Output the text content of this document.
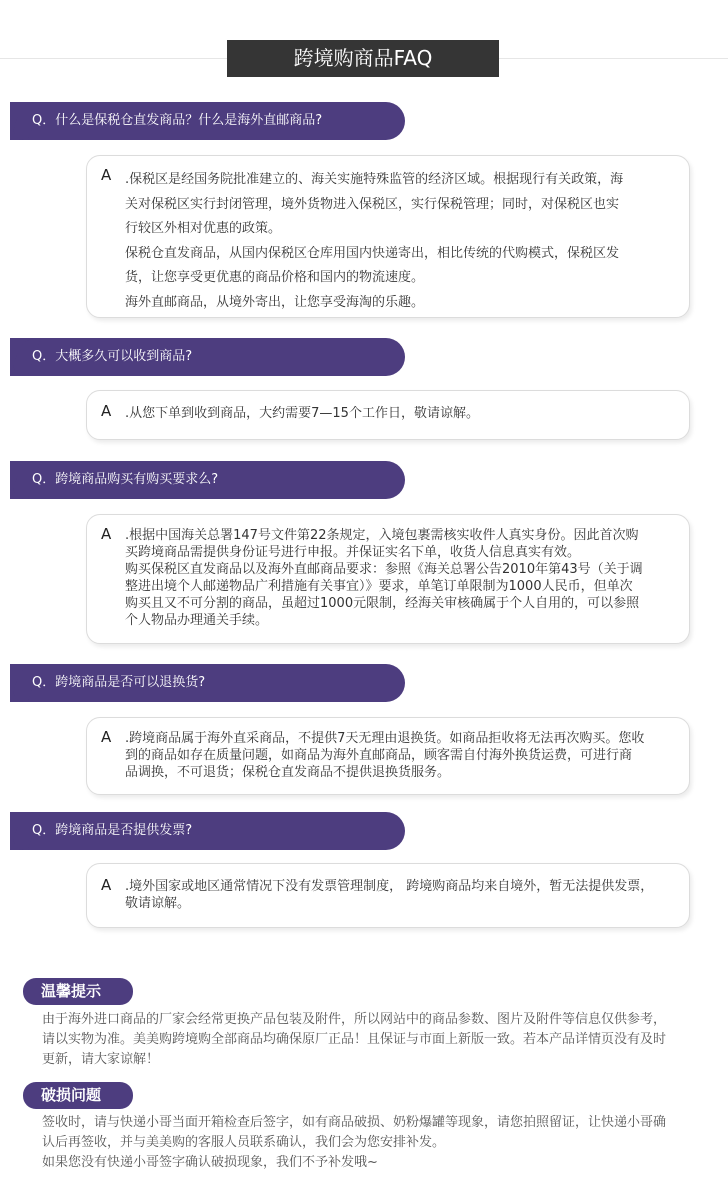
跨境购商品FAQ
Q．什么是保税仓直发商品？什么是海外直邮商品?
A .保税区是经国务院批准建立的、海关实施特殊监管的经济区域。根据现行有关政策，海

关对保税区实行封闭管理，境外货物进入保税区，实行保税管理；同时，对保税区也实

行较区外相对优惠的政策。

保税仓直发商品，从国内保税区仓库用国内快递寄出，相比传统的代购模式，保税区发

货，让您享受更优惠的商品价格和国内的物流速度。

海外直邮商品，从境外寄出，让您享受海淘的乐趣。

Q．大概多久可以收到商品?
A .从您下单到收到商品，大约需要7—15个工作日，敬请谅解。

Q．跨境商品购买有购买要求么?
A .根据中国海关总署147号文件第22条规定，入境包裹需核实收件人真实身份。因此首次购

买跨境商品需提供身份证号进行申报。并保证实名下单，收货人信息真实有效。

购买保税区直发商品以及海外直邮商品要求：参照《海关总署公告2010年第43号（关于调

整进出境个人邮递物品广利措施有关事宜）》要求，单笔订单限制为1000人民币，但单次

购买且又不可分割的商品，虽超过1000元限制，经海关审核确属于个人自用的，可以参照

个人物品办理通关手续。

Q．跨境商品是否可以退换货?
A .跨境商品属于海外直采商品，不提供7天无理由退换货。如商品拒收将无法再次购买。您收

到的商品如存在质量问题，如商品为海外直邮商品，顾客需自付海外换货运费，可进行商

品调换，不可退货；保税仓直发商品不提供退换货服务。

Q．跨境商品是否提供发票?
A .境外国家或地区通常情况下没有发票管理制度， 跨境购商品均来自境外，暂无法提供发票，

敬请谅解。

温馨提示

由于海外进口商品的厂家会经常更换产品包装及附件，所以网站中的商品参数、图片及附件等信息仅供参考，

请以实物为准。美美购跨境购全部商品均确保原厂正品！且保证与市面上新版一致。若本产品详情页没有及时

更新，请大家谅解！

破损问题

签收时，请与快递小哥当面开箱检查后签字，如有商品破损、奶粉爆罐等现象，请您拍照留证，让快递小哥确

认后再签收，并与美美购的客服人员联系确认，我们会为您安排补发。

如果您没有快递小哥签字确认破损现象，我们不予补发哦~
